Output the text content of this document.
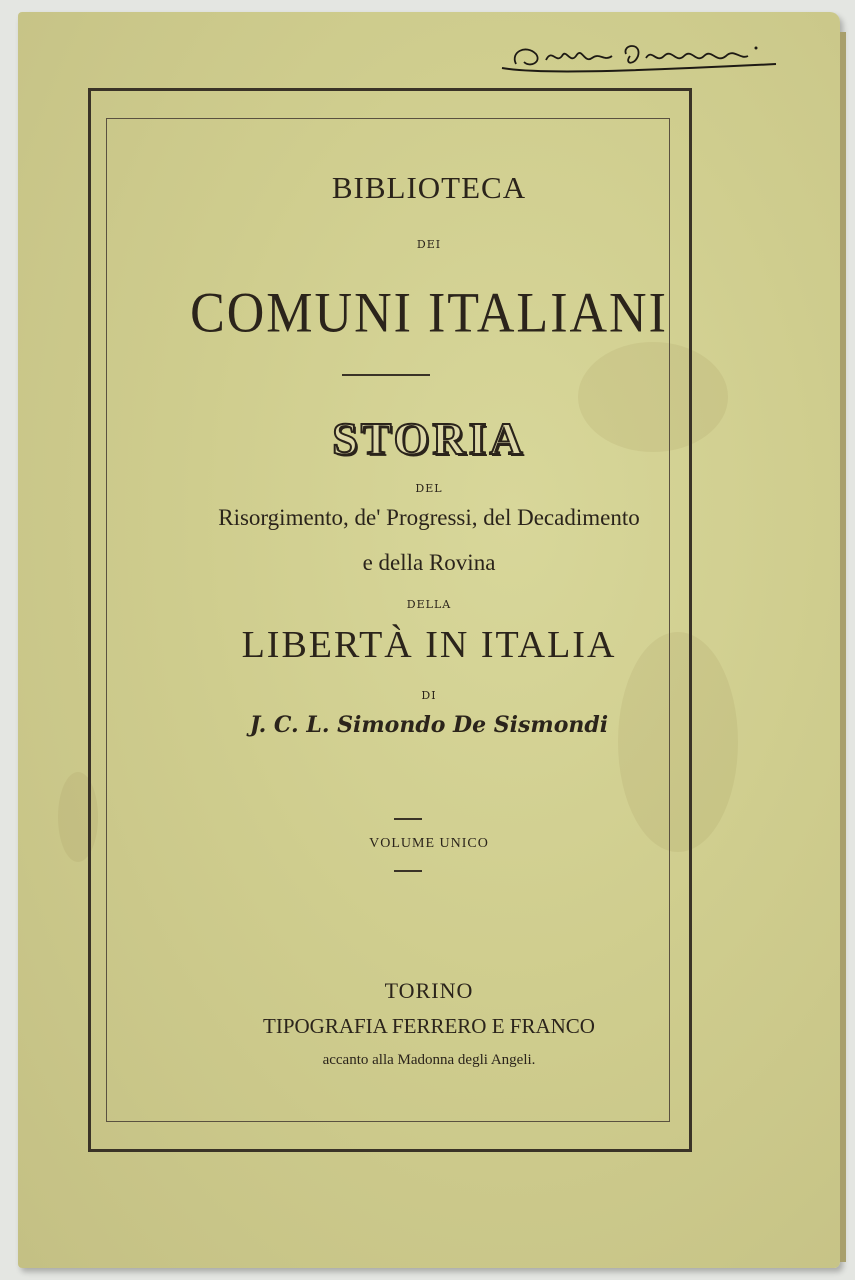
BIBLIOTECA
DEI
COMUNI ITALIANI
STORIA
DEL
Risorgimento, de' Progressi, del Decadimento
e della Rovina
DELLA
LIBERTÀ IN ITALIA
DI
J. C. L. Simondo De Sismondi
VOLUME UNICO
TORINO
TIPOGRAFIA FERRERO E FRANCO
accanto alla Madonna degli Angeli.
